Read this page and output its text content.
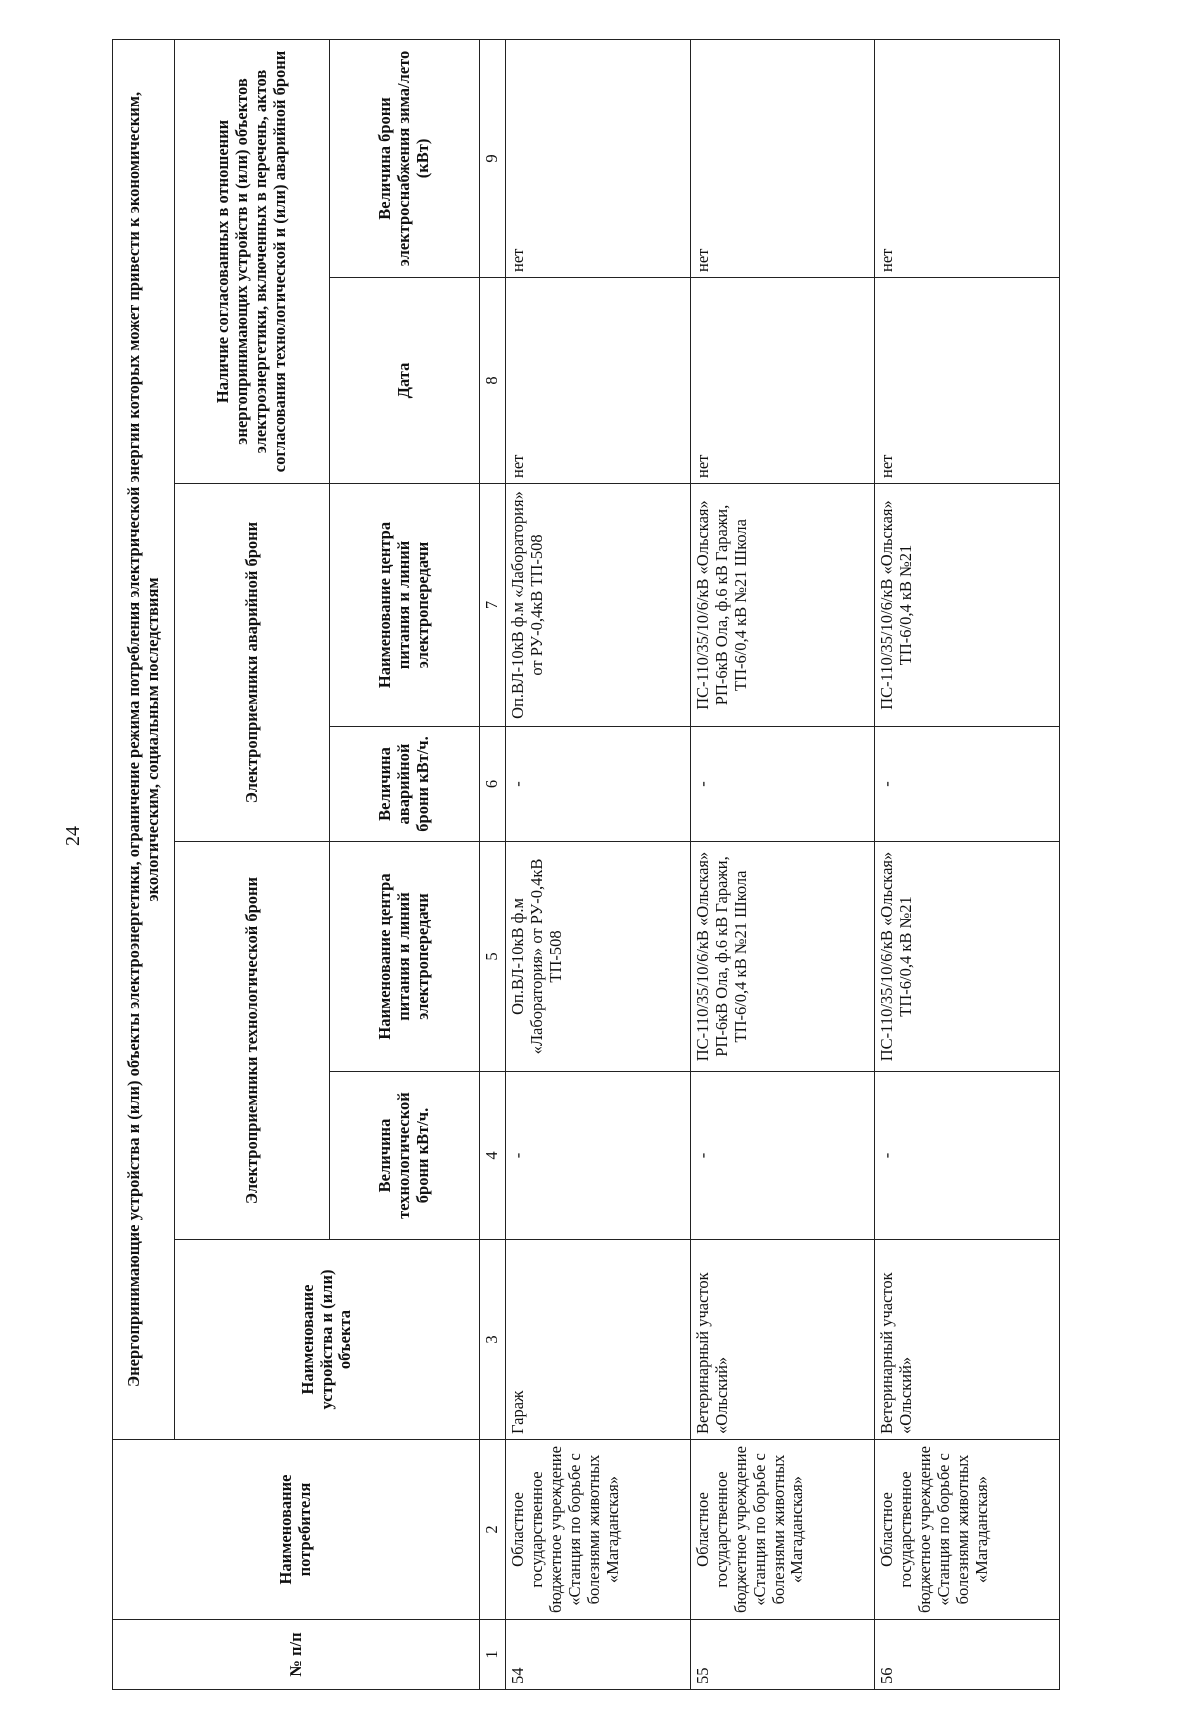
24
№ п/п	Наименование потребителя	Энергопринимающие устройства и (или) объекты электроэнергетики, ограничение режима потребления электрической энергии которых может привести к экономическим, экологическим, социальным последствиям						
		Наименование устройства и (или) объекта	Электроприемники технологической брони		Электроприемники аварийной брони		Наличие согласованных в отношении энергопринимающих устройств и (или) объектов электроэнергетики, включенных в перечень, актов согласования технологической и (или) аварийной брони	
			Величина технологической брони кВт/ч.	Наименование центра питания и линий электропередачи	Величина аварийной брони кВт/ч.	Наименование центра питания и линий электропередачи	Дата	Величина брони электроснабжения зима/лето (кВт)
1	2	3	4	5	6	7	8	9
54	Областное государственное бюджетное учреждение «Станция по борьбе с болезнями животных «Магаданская»	Гараж	-	Оп.ВЛ-10кВ ф.м «Лаборатория» от РУ-0,4кВ ТП-508	-	Оп.ВЛ-10кВ ф.м «Лаборатория» от РУ-0,4кВ ТП-508	нет	нет
55	Областное государственное бюджетное учреждение «Станция по борьбе с болезнями животных «Магаданская»	Ветеринарный участок «Ольский»	-	ПС-110/35/10/6/кВ «Ольская» РП-6кВ Ола, ф.6 кВ Гаражи, ТП-6/0,4 кВ №21 Школа	-	ПС-110/35/10/6/кВ «Ольская» РП-6кВ Ола, ф.6 кВ Гаражи, ТП-6/0,4 кВ №21 Школа	нет	нет
56	Областное государственное бюджетное учреждение «Станция по борьбе с болезнями животных «Магаданская»	Ветеринарный участок «Ольский»	-	ПС-110/35/10/6/кВ «Ольская» ТП-6/0,4 кВ №21	-	ПС-110/35/10/6/кВ «Ольская» ТП-6/0,4 кВ №21	нет	нет
